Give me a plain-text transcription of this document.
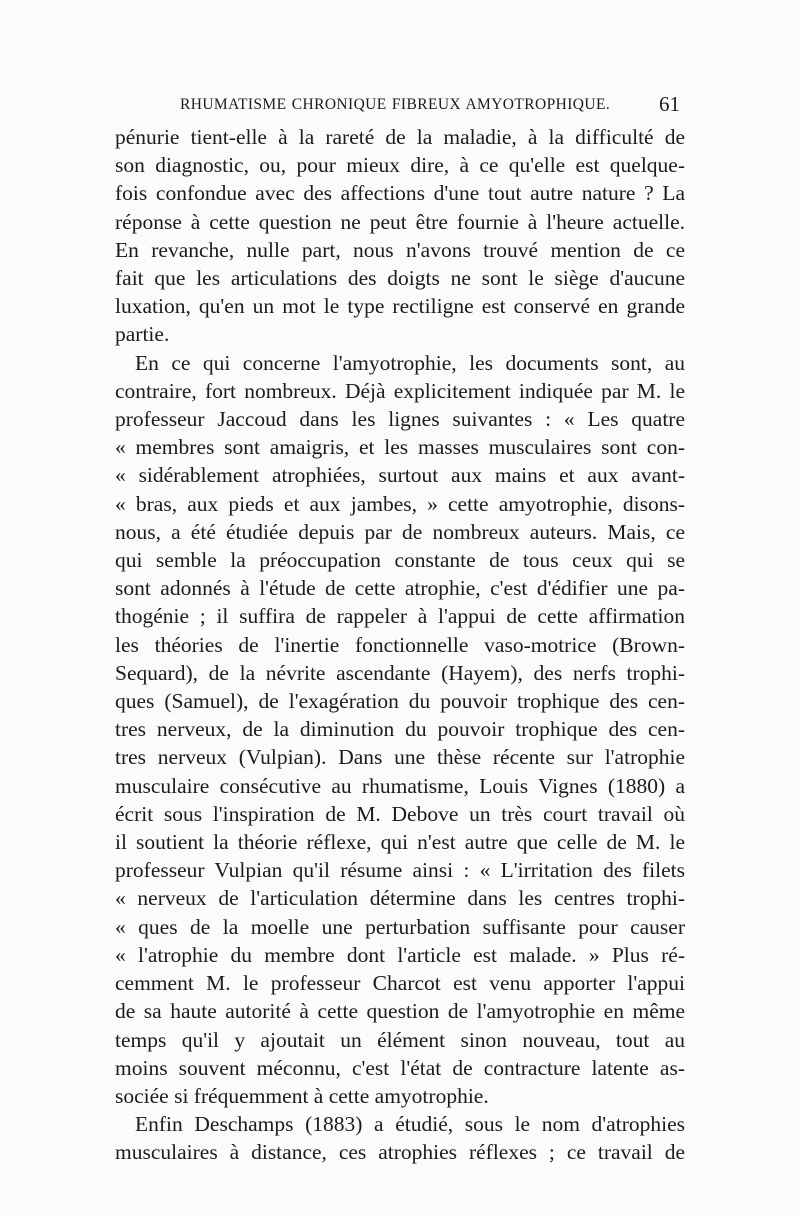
RHUMATISME CHRONIQUE FIBREUX AMYOTROPHIQUE. 61

pénurie tient-elle à la rareté de la maladie, à la difficulté de

son diagnostic, ou, pour mieux dire, à ce qu'elle est quelque-

fois confondue avec des affections d'une tout autre nature ? La

réponse à cette question ne peut être fournie à l'heure actuelle.

En revanche, nulle part, nous n'avons trouvé mention de ce

fait que les articulations des doigts ne sont le siège d'aucune

luxation, qu'en un mot le type rectiligne est conservé en grande

partie.

En ce qui concerne l'amyotrophie, les documents sont, au

contraire, fort nombreux. Déjà explicitement indiquée par M. le

professeur Jaccoud dans les lignes suivantes : « Les quatre

« membres sont amaigris, et les masses musculaires sont con-

« sidérablement atrophiées, surtout aux mains et aux avant-

« bras, aux pieds et aux jambes, » cette amyotrophie, disons-

nous, a été étudiée depuis par de nombreux auteurs. Mais, ce

qui semble la préoccupation constante de tous ceux qui se

sont adonnés à l'étude de cette atrophie, c'est d'édifier une pa-

thogénie ; il suffira de rappeler à l'appui de cette affirmation

les théories de l'inertie fonctionnelle vaso-motrice (Brown-

Sequard), de la névrite ascendante (Hayem), des nerfs trophi-

ques (Samuel), de l'exagération du pouvoir trophique des cen-

tres nerveux, de la diminution du pouvoir trophique des cen-

tres nerveux (Vulpian). Dans une thèse récente sur l'atrophie

musculaire consécutive au rhumatisme, Louis Vignes (1880) a

écrit sous l'inspiration de M. Debove un très court travail où

il soutient la théorie réflexe, qui n'est autre que celle de M. le

professeur Vulpian qu'il résume ainsi : « L'irritation des filets

« nerveux de l'articulation détermine dans les centres trophi-

« ques de la moelle une perturbation suffisante pour causer

« l'atrophie du membre dont l'article est malade. » Plus ré-

cemment M. le professeur Charcot est venu apporter l'appui

de sa haute autorité à cette question de l'amyotrophie en même

temps qu'il y ajoutait un élément sinon nouveau, tout au

moins souvent méconnu, c'est l'état de contracture latente as-

sociée si fréquemment à cette amyotrophie.

Enfin Deschamps (1883) a étudié, sous le nom d'atrophies

musculaires à distance, ces atrophies réflexes ; ce travail de
